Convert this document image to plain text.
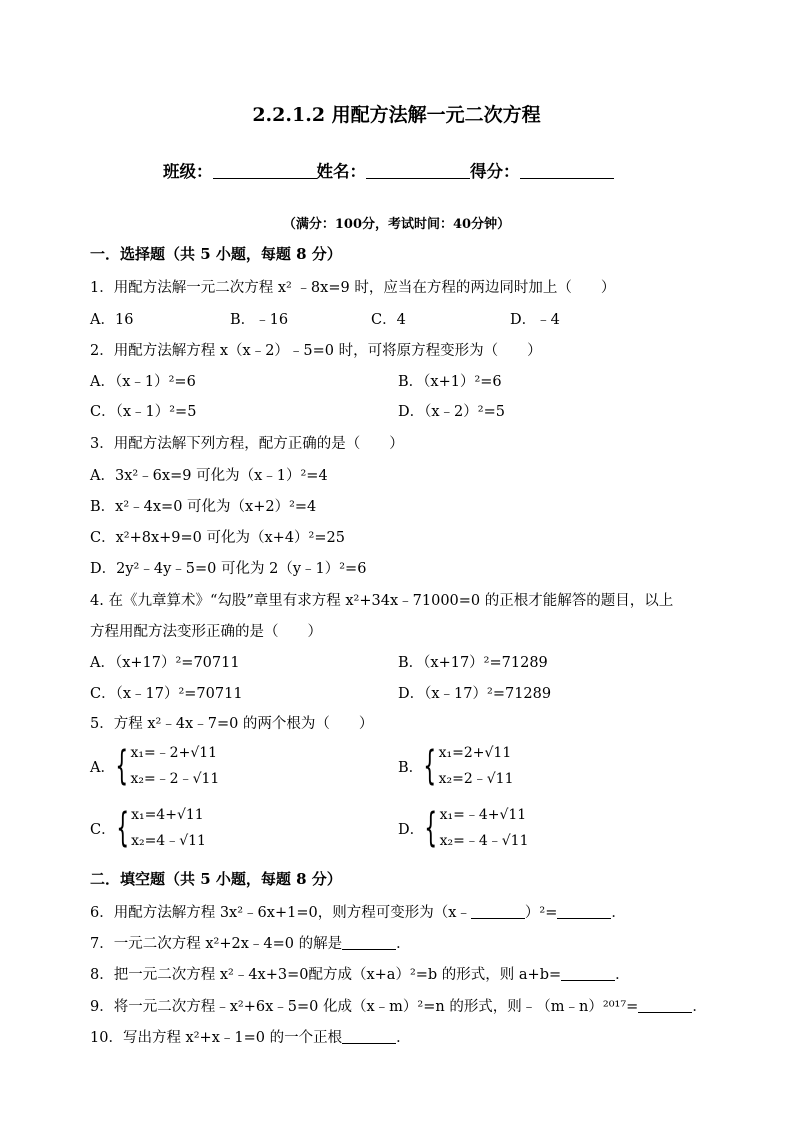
2.2.1.2 用配方法解一元二次方程
班级：	姓名：	得分：
（满分：100分，考试时间：40分钟）
一．选择题（共 5 小题，每题 8 分）
1．用配方法解一元二次方程 x² ﹣8x=9 时，应当在方程的两边同时加上（　　）
A．16	B．﹣16	C．4	D．﹣4
2．用配方法解方程 x（x﹣2）﹣5=0 时，可将原方程变形为（　　）
A．（x﹣1）²=6	B．（x+1）²=6
C．（x﹣1）²=5	D．（x﹣2）²=5
3．用配方法解下列方程，配方正确的是（　　）
A．3x²﹣6x=9 可化为（x﹣1）²=4
B．x²﹣4x=0 可化为（x+2）²=4
C．x²+8x+9=0 可化为（x+4）²=25
D．2y²﹣4y﹣5=0 可化为 2（y﹣1）²=6
4. 在《九章算术》“勾股”章里有求方程 x²+34x﹣71000=0 的正根才能解答的题目，以上
方程用配方法变形正确的是（　　）
A．（x+17）²=70711	B．（x+17）²=71289
C．（x﹣17）²=70711	D．（x﹣17）²=71289
5．方程 x²﹣4x﹣7=0 的两个根为（　　）
A． { x₁=﹣2+√11
x₂=﹣2﹣√11
B． { x₁=2+√11
x₂=2﹣√11
C． { x₁=4+√11
x₂=4﹣√11
D． { x₁=﹣4+√11
x₂=﹣4﹣√11
二．填空题（共 5 小题，每题 8 分）
6．用配方法解方程 3x²﹣6x+1=0，则方程可变形为（x﹣	）²=	．
7．一元二次方程 x²+2x﹣4=0 的解是	．
8．把一元二次方程 x²﹣4x+3=0配方成（x+a）²=b 的形式，则 a+b=	．
9．将一元二次方程﹣x²+6x﹣5=0 化成（x﹣m）²=n 的形式，则﹣（m﹣n）²⁰¹⁷=	．
10．写出方程 x²+x﹣1=0 的一个正根	．
